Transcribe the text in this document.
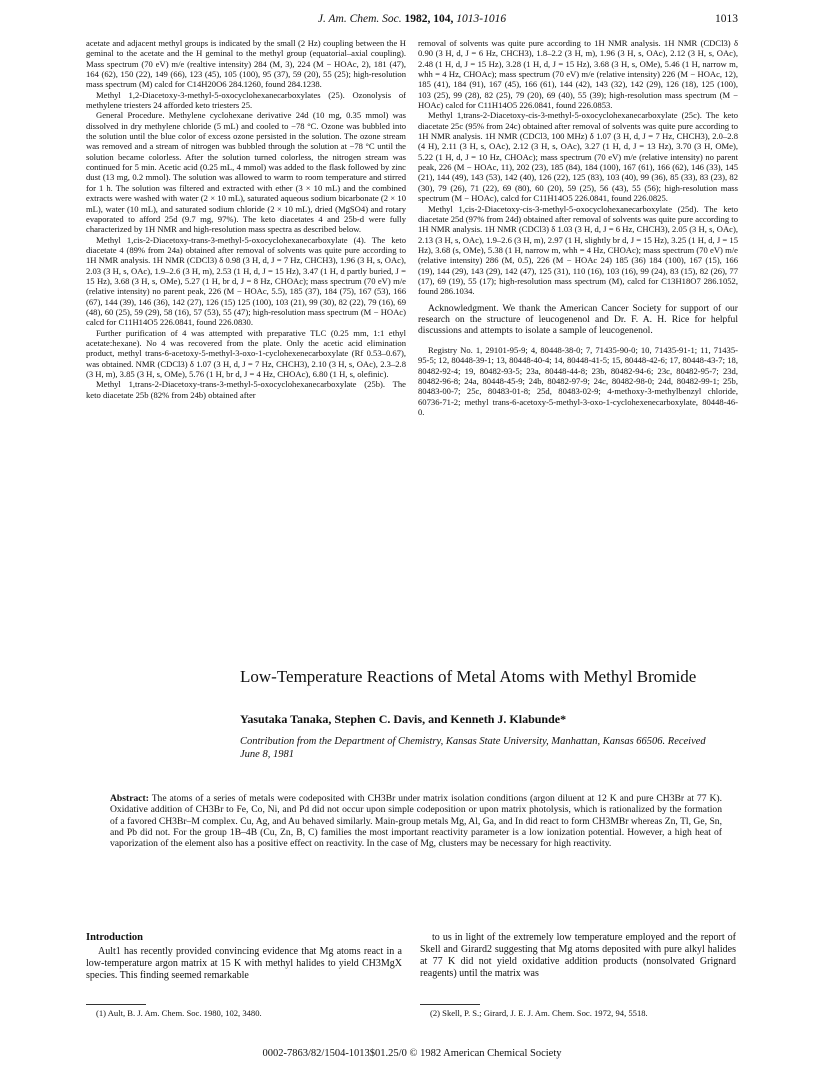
J. Am. Chem. Soc. 1982, 104, 1013-1016	1013

acetate and adjacent methyl groups is indicated by the small (2 Hz) coupling between the H geminal to the acetate and the H geminal to the methyl group (equatorial–axial coupling). Mass spectrum (70 eV) m/e (realtive intensity) 284 (M, 3), 224 (M − HOAc, 2), 181 (47), 164 (62), 150 (22), 149 (66), 123 (45), 105 (100), 95 (37), 59 (20), 55 (25); high-resolution mass spectrum (M) calcd for C14H20O6 284.1260, found 284.1238.

Methyl 1,2-Diacetoxy-3-methyl-5-oxocyclohexanecarboxylates (25). Ozonolysis of methylene triesters 24 afforded keto triesters 25.

General Procedure. Methylene cyclohexane derivative 24d (10 mg, 0.35 mmol) was dissolved in dry methylene chloride (5 mL) and cooled to −78 °C. Ozone was bubbled into the solution until the blue color of excess ozone persisted in the solution. The ozone stream was removed and a stream of nitrogen was bubbled through the solution at −78 °C until the solution became colorless. After the solution turned colorless, the nitrogen stream was continued for 5 min. Acetic acid (0.25 mL, 4 mmol) was added to the flask followed by zinc dust (13 mg, 0.2 mmol). The solution was allowed to warm to room temperature and stirred for 1 h. The solution was filtered and extracted with ether (3 × 10 mL) and the combined extracts were washed with water (2 × 10 mL), saturated aqueous sodium bicarbonate (2 × 10 mL), water (10 mL), and saturated sodium chloride (2 × 10 mL), dried (MgSO4) and rotary evaporated to afford 25d (9.7 mg, 97%). The keto diacetates 4 and 25b-d were fully characterized by 1H NMR and high-resolution mass spectra as described below.

Methyl 1,cis-2-Diacetoxy-trans-3-methyl-5-oxocyclohexanecarboxylate (4). The keto diacetate 4 (89% from 24a) obtained after removal of solvents was quite pure according to 1H NMR analysis. 1H NMR (CDCl3) δ 0.98 (3 H, d, J = 7 Hz, CHCH3), 1.96 (3 H, s, OAc), 2.03 (3 H, s, OAc), 1.9–2.6 (3 H, m), 2.53 (1 H, d, J = 15 Hz), 3.47 (1 H, d partly buried, J = 15 Hz), 3.68 (3 H, s, OMe), 5.27 (1 H, br d, J = 8 Hz, CHOAc); mass spectrum (70 eV) m/e (relative intensity) no parent peak, 226 (M − HOAc, 5.5), 185 (37), 184 (75), 167 (53), 166 (67), 144 (39), 146 (36), 142 (27), 126 (15) 125 (100), 103 (21), 99 (30), 82 (22), 79 (16), 69 (48), 60 (25), 59 (29), 58 (16), 57 (53), 55 (47); high-resolution mass spectrum (M − HOAc) calcd for C11H14O5 226.0841, found 226.0830.

Further purification of 4 was attempted with preparative TLC (0.25 mm, 1:1 ethyl acetate:hexane). No 4 was recovered from the plate. Only the acetic acid elimination product, methyl trans-6-acetoxy-5-methyl-3-oxo-1-cyclohexenecarboxylate (Rf 0.53–0.67), was obtained. NMR (CDCl3) δ 1.07 (3 H, d, J = 7 Hz, CHCH3), 2.10 (3 H, s, OAc), 2.3–2.8 (3 H, m), 3.85 (3 H, s, OMe), 5.76 (1 H, br d, J = 4 Hz, CHOAc), 6.80 (1 H, s, olefinic).

Methyl 1,trans-2-Diacetoxy-trans-3-methyl-5-oxocyclohexanecarboxylate (25b). The keto diacetate 25b (82% from 24b) obtained after

removal of solvents was quite pure according to 1H NMR analysis. 1H NMR (CDCl3) δ 0.90 (3 H, d, J = 6 Hz, CHCH3), 1.8–2.2 (3 H, m), 1.96 (3 H, s, OAc), 2.12 (3 H, s, OAc), 2.48 (1 H, d, J = 15 Hz), 3.28 (1 H, d, J = 15 Hz), 3.68 (3 H, s, OMe), 5.46 (1 H, narrow m, whh = 4 Hz, CHOAc); mass spectrum (70 eV) m/e (relative intensity) 226 (M − HOAc, 12), 185 (41), 184 (91), 167 (45), 166 (61), 144 (42), 143 (32), 142 (29), 126 (18), 125 (100), 103 (25), 99 (28), 82 (25), 79 (20), 69 (40), 55 (39); high-resolution mass spectrum (M − HOAc) calcd for C11H14O5 226.0841, found 226.0853.

Methyl 1,trans-2-Diacetoxy-cis-3-methyl-5-oxocyclohexanecarboxylate (25c). The keto diacetate 25c (95% from 24c) obtained after removal of solvents was quite pure according to 1H NMR analysis. 1H NMR (CDCl3, 100 MHz) δ 1.07 (3 H, d, J = 7 Hz, CHCH3), 2.0–2.8 (4 H), 2.11 (3 H, s, OAc), 2.12 (3 H, s, OAc), 3.27 (1 H, d, J = 13 Hz), 3.70 (3 H, OMe), 5.22 (1 H, d, J = 10 Hz, CHOAc); mass spectrum (70 eV) m/e (relative intensity) no parent peak, 226 (M − HOAc, 11), 202 (23), 185 (84), 184 (100), 167 (61), 166 (62), 146 (33), 145 (21), 144 (49), 143 (53), 142 (40), 126 (22), 125 (83), 103 (40), 99 (36), 85 (33), 83 (23), 82 (30), 79 (26), 71 (22), 69 (80), 60 (20), 59 (25), 56 (43), 55 (56); high-resolution mass spectrum (M − HOAc), calcd for C11H14O5 226.0841, found 226.0825.

Methyl 1,cis-2-Diacetoxy-cis-3-methyl-5-oxocyclohexanecarboxylate (25d). The keto diacetate 25d (97% from 24d) obtained after removal of solvents was quite pure according to 1H NMR analysis. 1H NMR (CDCl3) δ 1.03 (3 H, d, J = 6 Hz, CHCH3), 2.05 (3 H, s, OAc), 2.13 (3 H, s, OAc), 1.9–2.6 (3 H, m), 2.97 (1 H, slightly br d, J = 15 Hz), 3.25 (1 H, d, J = 15 Hz), 3.68 (s, OMe), 5.38 (1 H, narrow m, whh = 4 Hz, CHOAc); mass spectrum (70 eV) m/e (relative intensity) 286 (M, 0.5), 226 (M − HOAc 24) 185 (36) 184 (100), 167 (15), 166 (19), 144 (29), 143 (29), 142 (47), 125 (31), 110 (16), 103 (16), 99 (24), 83 (15), 82 (26), 77 (17), 69 (19), 55 (17); high-resolution mass spectrum (M), calcd for C13H18O7 286.1052, found 286.1034.

Acknowledgment. We thank the American Cancer Society for support of our research on the structure of leucogenenol and Dr. F. A. H. Rice for helpful discussions and attempts to isolate a sample of leucogenenol.

Registry No. 1, 29101-95-9; 4, 80448-38-0; 7, 71435-90-0; 10, 71435-91-1; 11, 71435-95-5; 12, 80448-39-1; 13, 80448-40-4; 14, 80448-41-5; 15, 80448-42-6; 17, 80448-43-7; 18, 80482-92-4; 19, 80482-93-5; 23a, 80448-44-8; 23b, 80482-94-6; 23c, 80482-95-7; 23d, 80482-96-8; 24a, 80448-45-9; 24b, 80482-97-9; 24c, 80482-98-0; 24d, 80482-99-1; 25b, 80483-00-7; 25c, 80483-01-8; 25d, 80483-02-9; 4-methoxy-3-methylbenzyl chloride, 60736-71-2; methyl trans-6-acetoxy-5-methyl-3-oxo-1-cyclohexenecarboxylate, 80448-46-0.

Low-Temperature Reactions of Metal Atoms with Methyl Bromide
Yasutaka Tanaka, Stephen C. Davis, and Kenneth J. Klabunde*
Contribution from the Department of Chemistry, Kansas State University, Manhattan, Kansas 66506. Received June 8, 1981
Abstract: The atoms of a series of metals were codeposited with CH3Br under matrix isolation conditions (argon diluent at 12 K and pure CH3Br at 77 K). Oxidative addition of CH3Br to Fe, Co, Ni, and Pd did not occur upon simple codeposition or upon matrix photolysis, which is rationalized by the formation of a favored CH3Br–M complex. Cu, Ag, and Au behaved similarly. Main-group metals Mg, Al, Ga, and In did react to form CH3MBr whereas Zn, Tl, Ge, Sn, and Pb did not. For the group 1B–4B (Cu, Zn, B, C) families the most important reactivity parameter is a low ionization potential. However, a high heat of vaporization of the element also has a positive effect on reactivity. In the case of Mg, clusters may be necessary for high reactivity.
Introduction

Ault1 has recently provided convincing evidence that Mg atoms react in a low-temperature argon matrix at 15 K with methyl halides to yield CH3MgX species. This finding seemed remarkable

to us in light of the extremely low temperature employed and the report of Skell and Girard2 suggesting that Mg atoms deposited with pure alkyl halides at 77 K did not yield oxidative addition products (nonsolvated Grignard reagents) until the matrix was

(1) Ault, B. J. Am. Chem. Soc. 1980, 102, 3480.	(2) Skell, P. S.; Girard, J. E. J. Am. Chem. Soc. 1972, 94, 5518.
0002-7863/82/1504-1013$01.25/0 © 1982 American Chemical Society
